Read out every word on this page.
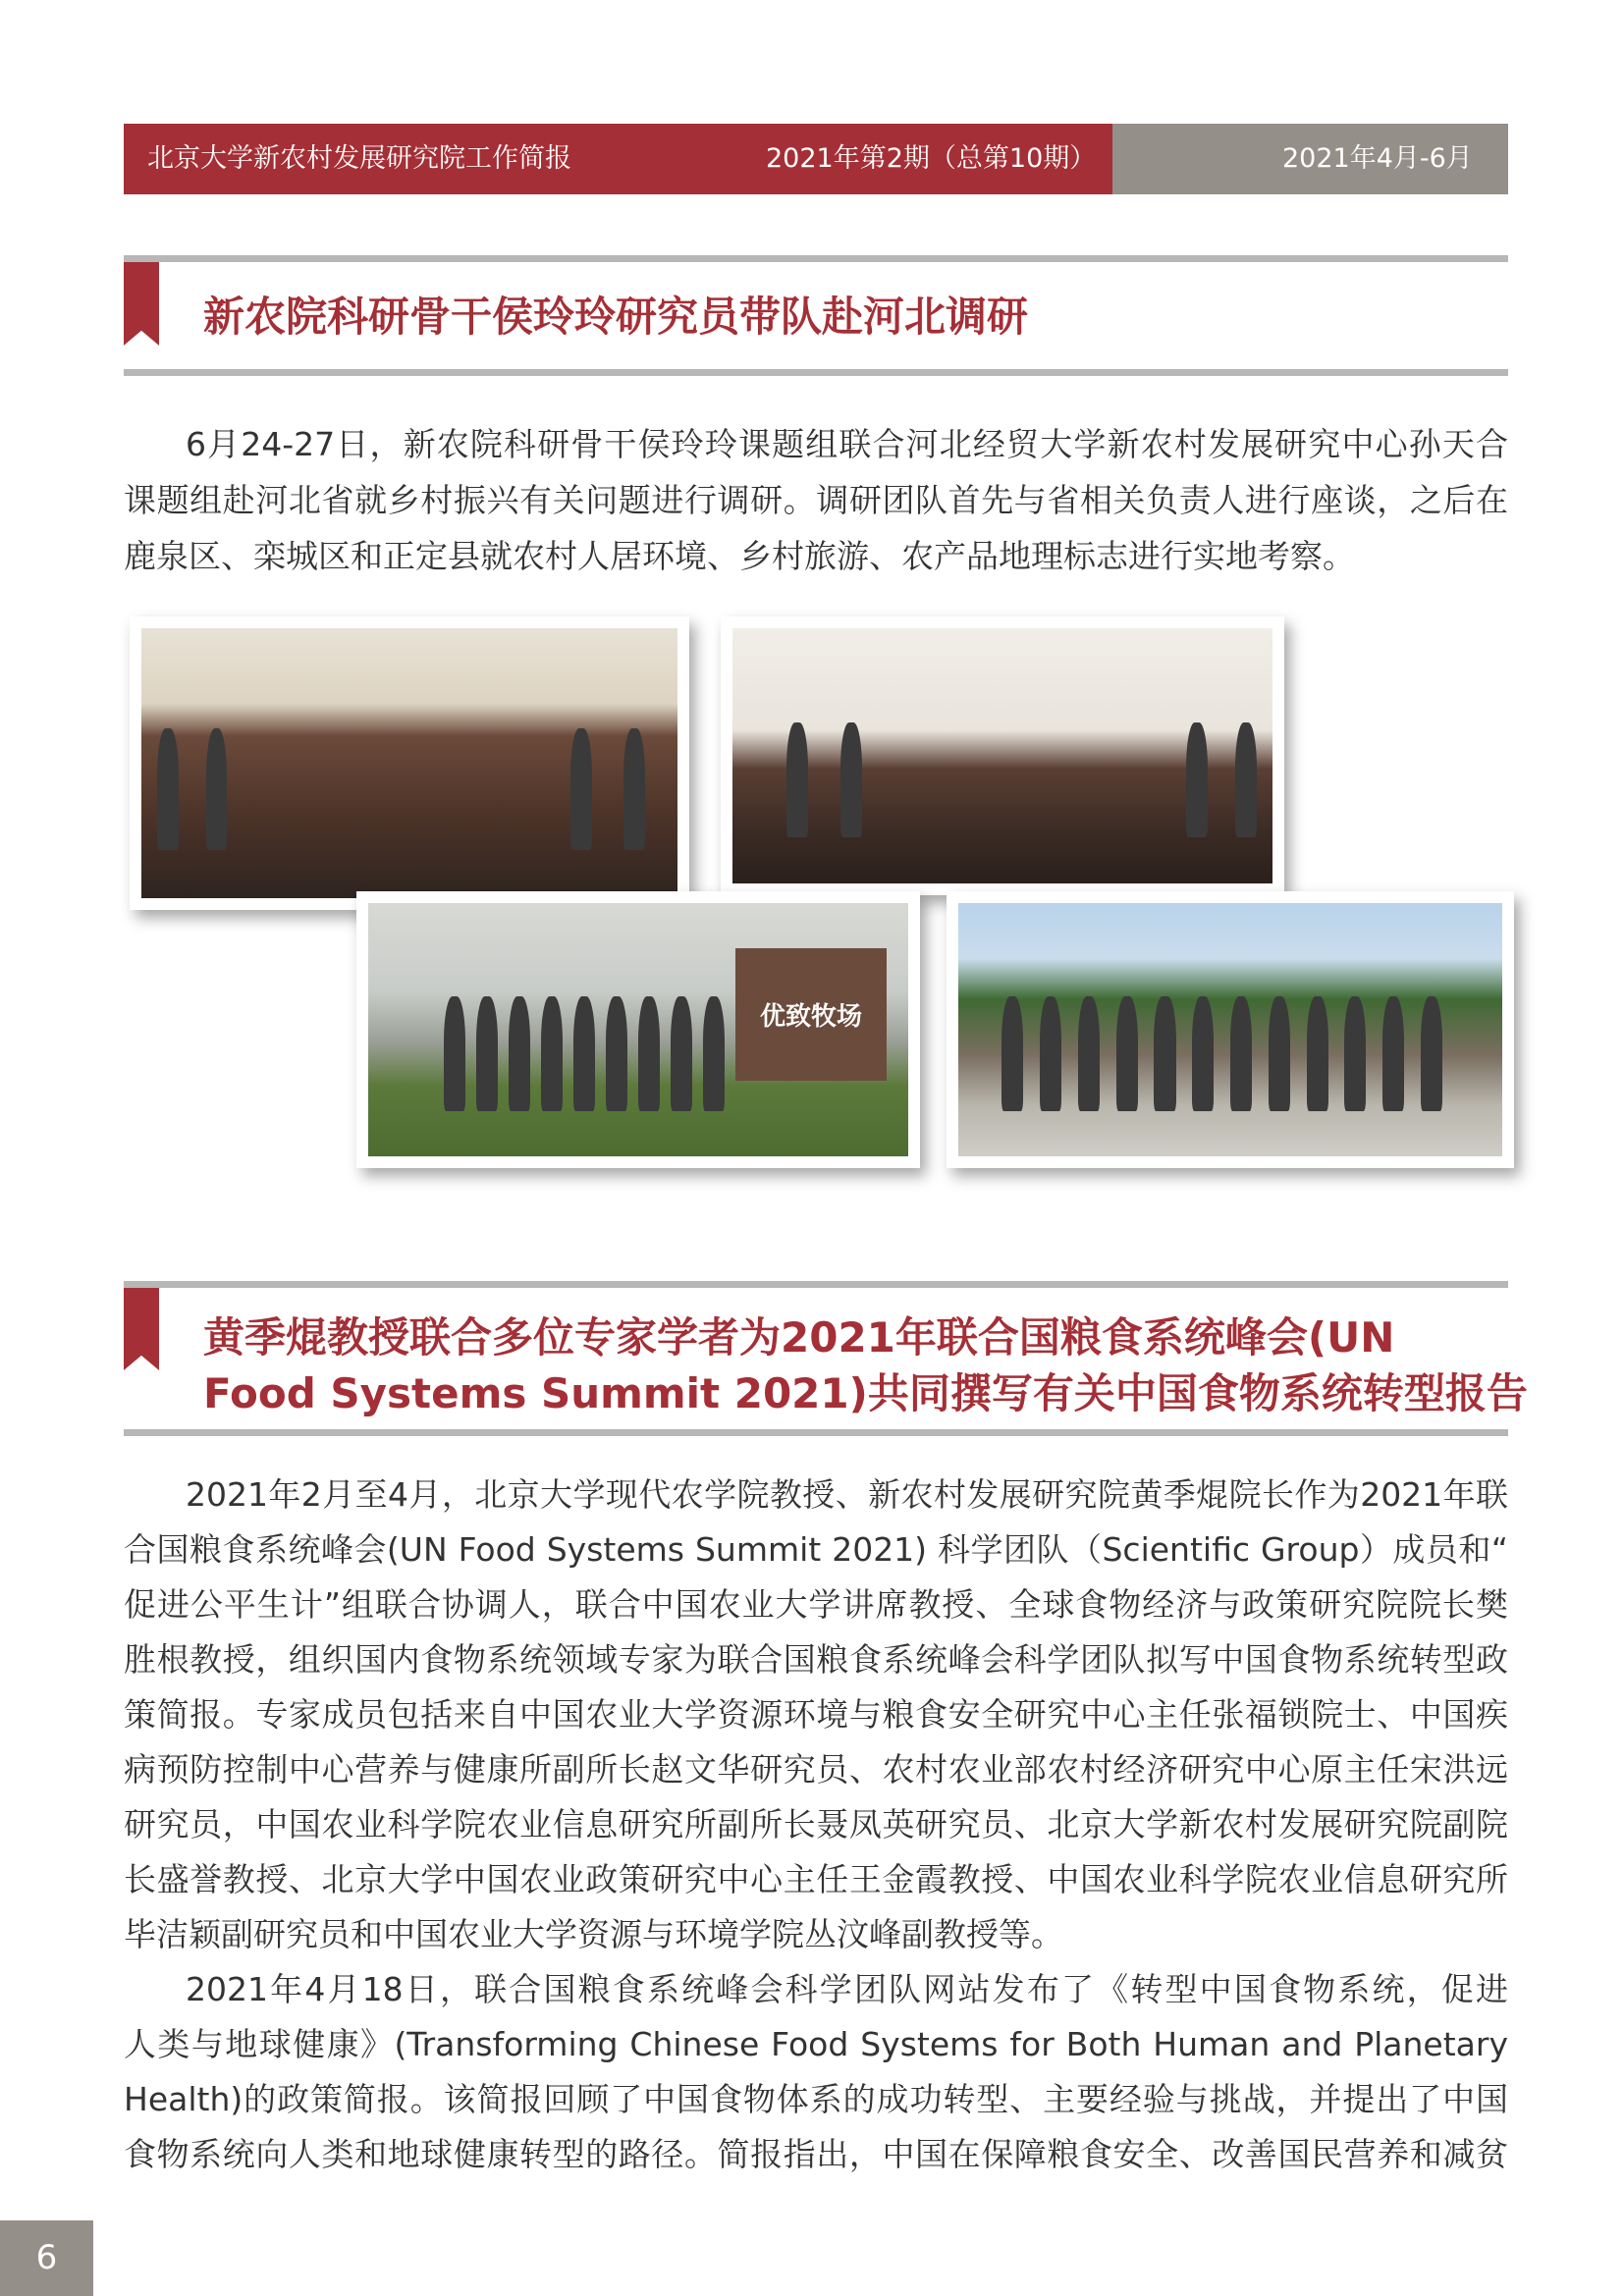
北京大学新农村发展研究院工作简报	2021年第2期（总第10期）	2021年4月-6月
新农院科研骨干侯玲玲研究员带队赴河北调研
6月24-27日，新农院科研骨干侯玲玲课题组联合河北经贸大学新农村发展研究中心孙天合
课题组赴河北省就乡村振兴有关问题进行调研。调研团队首先与省相关负责人进行座谈，之后在
鹿泉区、栾城区和正定县就农村人居环境、乡村旅游、农产品地理标志进行实地考察。
优致牧场
黄季焜教授联合多位专家学者为2021年联合国粮食系统峰会(UN
Food Systems Summit 2021)共同撰写有关中国食物系统转型报告
2021年2月至4月，北京大学现代农学院教授、新农村发展研究院黄季焜院长作为2021年联
合国粮食系统峰会(UN Food Systems Summit 2021) 科学团队（Scientific Group）成员和“
促进公平生计”组联合协调人，联合中国农业大学讲席教授、全球食物经济与政策研究院院长樊
胜根教授，组织国内食物系统领域专家为联合国粮食系统峰会科学团队拟写中国食物系统转型政
策简报。专家成员包括来自中国农业大学资源环境与粮食安全研究中心主任张福锁院士、中国疾
病预防控制中心营养与健康所副所长赵文华研究员、农村农业部农村经济研究中心原主任宋洪远
研究员，中国农业科学院农业信息研究所副所长聂凤英研究员、北京大学新农村发展研究院副院
长盛誉教授、北京大学中国农业政策研究中心主任王金霞教授、中国农业科学院农业信息研究所
毕洁颖副研究员和中国农业大学资源与环境学院丛汶峰副教授等。
2021年4月18日，联合国粮食系统峰会科学团队网站发布了《转型中国食物系统，促进
人类与地球健康》(Transforming Chinese Food Systems for Both Human and Planetary
Health)的政策简报。该简报回顾了中国食物体系的成功转型、主要经验与挑战，并提出了中国
食物系统向人类和地球健康转型的路径。简报指出，中国在保障粮食安全、改善国民营养和减贫
6
